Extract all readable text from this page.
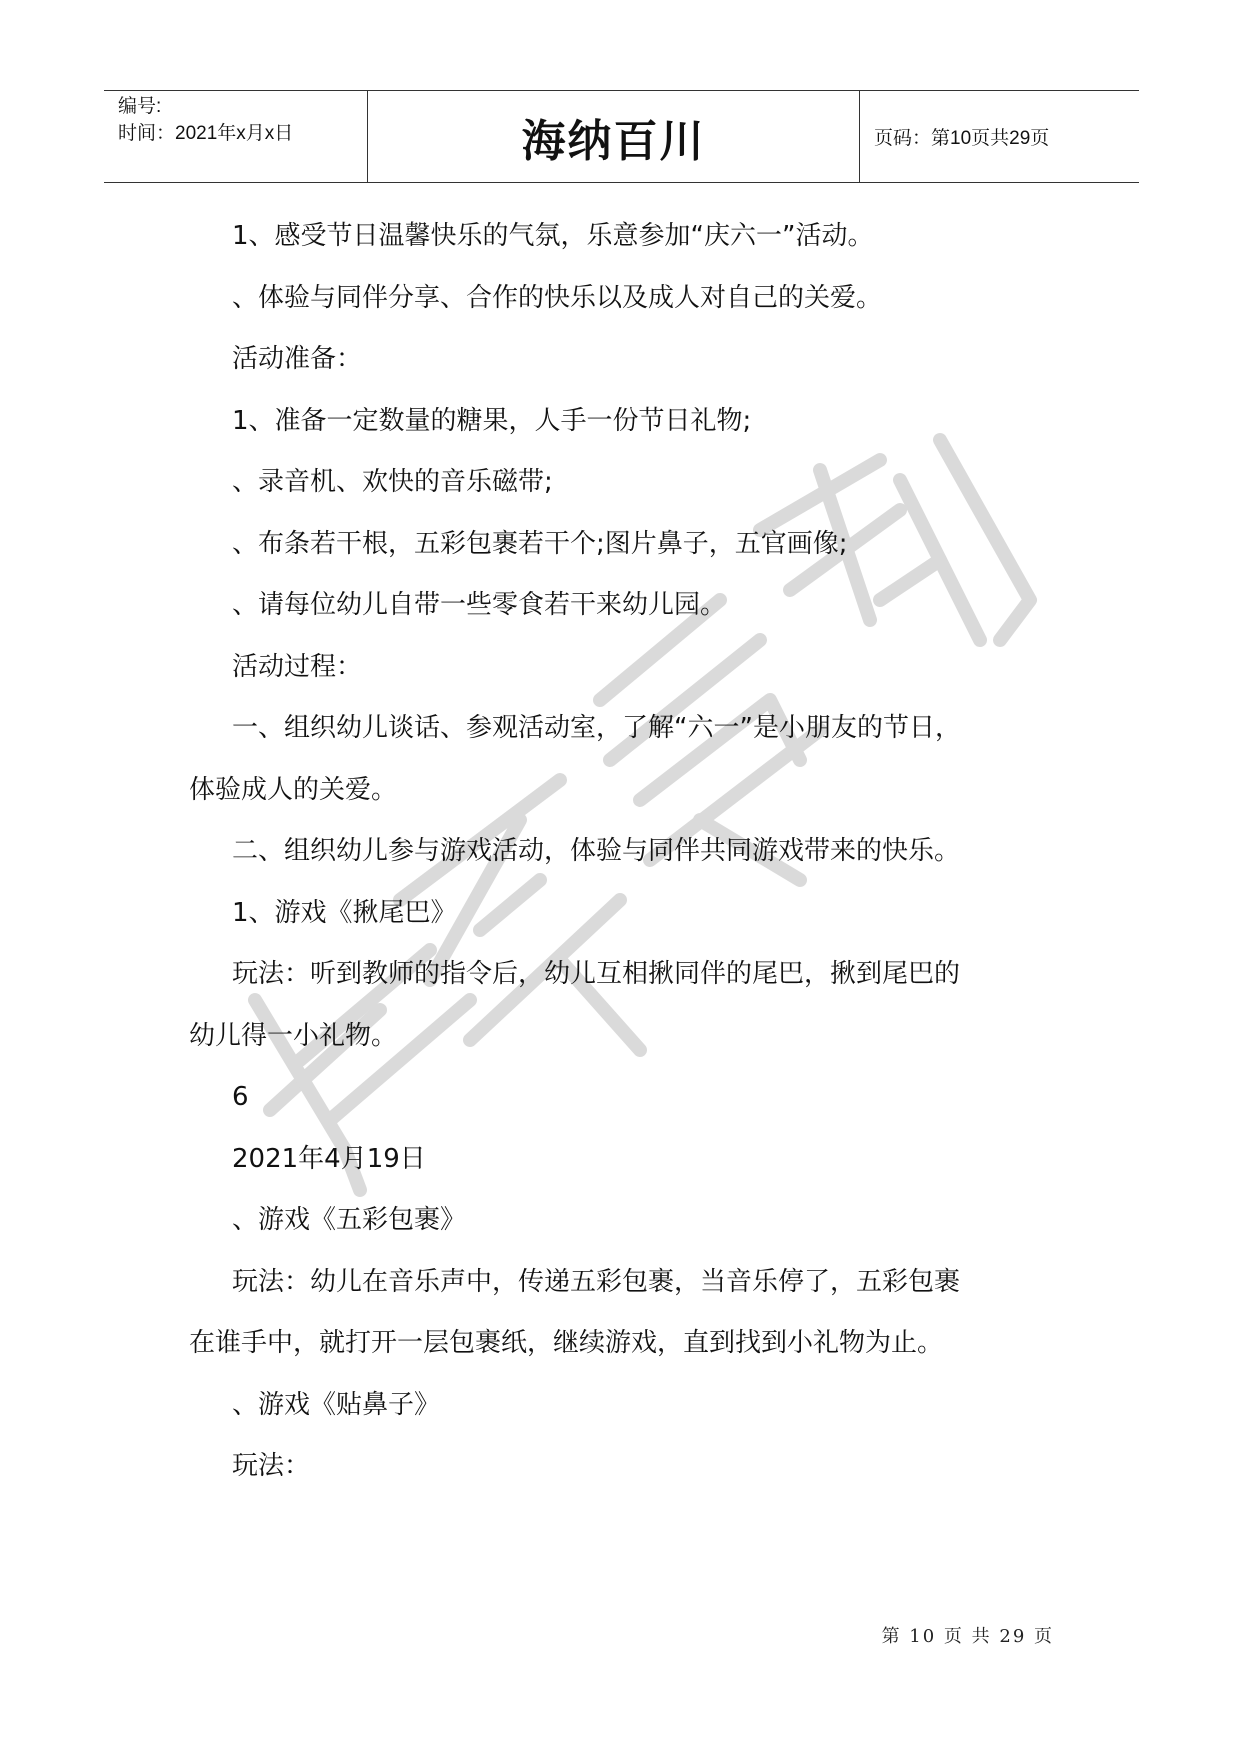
编号:
时间：2021年x月x日	海纳百川	页码：第10页共29页

1、感受节日温馨快乐的气氛，乐意参加“庆六一”活动。

、体验与同伴分享、合作的快乐以及成人对自己的关爱。

活动准备：

1、准备一定数量的糖果，人手一份节日礼物;

、录音机、欢快的音乐磁带;

、布条若干根，五彩包裹若干个;图片鼻子，五官画像;

、请每位幼儿自带一些零食若干来幼儿园。

活动过程：

一、组织幼儿谈话、参观活动室，了解“六一”是小朋友的节日，

体验成人的关爱。

二、组织幼儿参与游戏活动，体验与同伴共同游戏带来的快乐。

1、游戏《揪尾巴》

玩法：听到教师的指令后，幼儿互相揪同伴的尾巴，揪到尾巴的

幼儿得一小礼物。

6

2021年4月19日

、游戏《五彩包裹》

玩法：幼儿在音乐声中，传递五彩包裹，当音乐停了，五彩包裹

在谁手中，就打开一层包裹纸，继续游戏，直到找到小礼物为止。

、游戏《贴鼻子》

玩法：

第 10 页 共 29 页
